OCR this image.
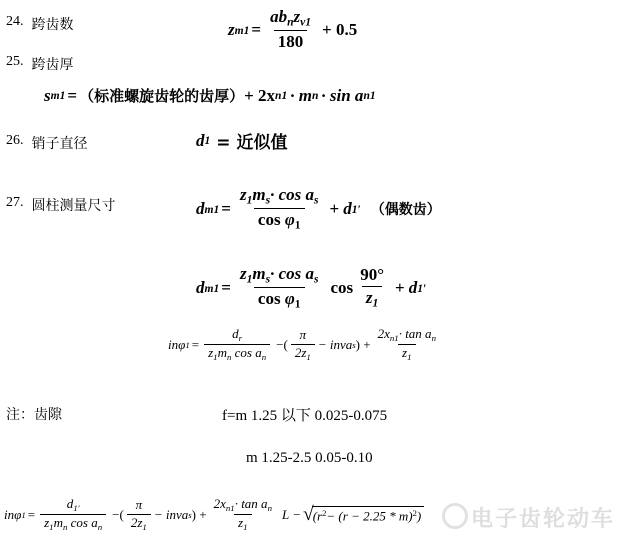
24. 跨齿数	z $m1 = \frac{ab_nz_{v1}}{180} + 0.5$
25. 跨齿厚
s m1 = （标准螺旋齿轮的齿厚） + 2x n1 · m n · sin a n1
26. 销子直径	d 1 = 近似值
27. 圆柱测量尺寸	d $m1 = \frac{z_1m_s\cdot \cos a_s}{\cos \varphi_1} + d$ 1′ （偶数齿）
d $m1 = \frac{z_1m_s\cdot \cos a_s}{\cos \varphi_1}$ $\cos \frac{90^\circ}{z_1} + d$ 1′
in φ $1 = \frac{d_r}{z_1m_n \cos a_n}$ −( $\frac{\pi}{2z_1}$ − inva s ) + $\frac{2x_{n1}\cdot \tan a_n}{z_1}$
注：齿隙	f=m 1.25 以下 0.025-0.075
m 1.25-2.5 0.05-0.10
in φ $1 = \frac{d_{1'}}{z_1m_n \cos a_n}$ −( $\frac{\pi}{2z_1}$ − inva s ) + $\frac{2x_{n1}\cdot \tan a_n}{z_1}$ L − √ $(r^2- (r - 2.25 * m)^2)$	电子齿轮动车
